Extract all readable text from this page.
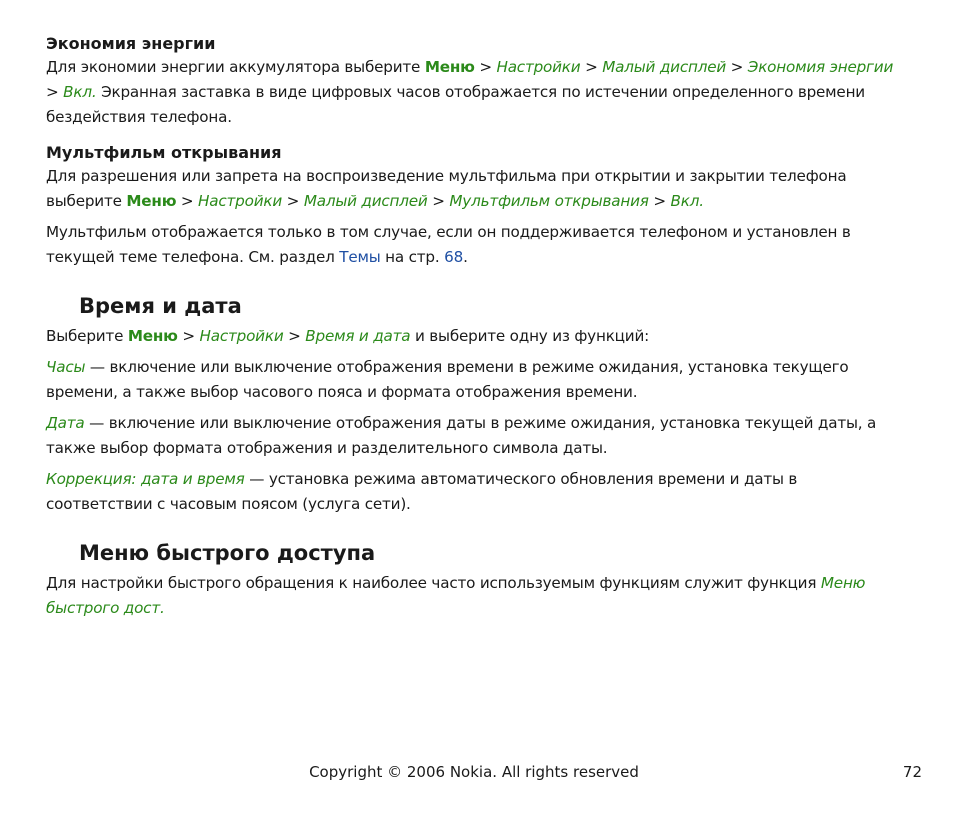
Экономия энергии

Для экономии энергии аккумулятора выберите Меню > Настройки > Малый дисплей > Экономия энергии > Вкл. Экранная заставка в виде цифровых часов отображается по истечении определенного времени бездействия телефона.

Мультфильм открывания

Для разрешения или запрета на воспроизведение мультфильма при открытии и закрытии телефона выберите Меню > Настройки > Малый дисплей > Мультфильм открывания > Вкл.

Мультфильм отображается только в том случае, если он поддерживается телефоном и установлен в текущей теме телефона. См. раздел Темы на стр. 68.

Время и дата

Выберите Меню > Настройки > Время и дата и выберите одну из функций:

Часы — включение или выключение отображения времени в режиме ожидания, установка текущего времени, а также выбор часового пояса и формата отображения времени.

Дата — включение или выключение отображения даты в режиме ожидания, установка текущей даты, а также выбор формата отображения и разделительного символа даты.

Коррекция: дата и время — установка режима автоматического обновления времени и даты в соответствии с часовым поясом (услуга сети).

Меню быстрого доступа

Для настройки быстрого обращения к наиболее часто используемым функциям служит функция Меню быстрого дост.

Copyright © 2006 Nokia. All rights reserved	72
